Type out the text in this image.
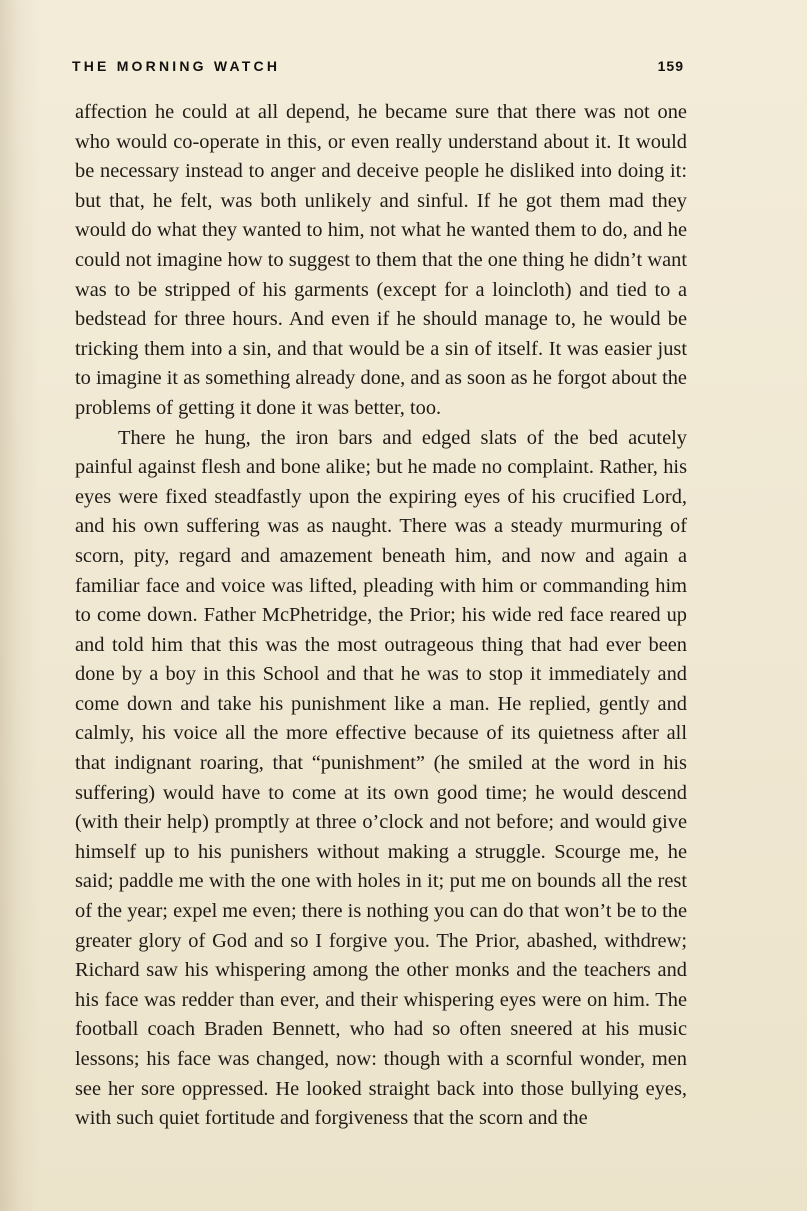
THE MORNING WATCH	159

affection he could at all depend, he became sure that there was not one who would co-operate in this, or even really understand about it. It would be necessary instead to anger and deceive people he disliked into doing it: but that, he felt, was both unlikely and sinful. If he got them mad they would do what they wanted to him, not what he wanted them to do, and he could not imagine how to suggest to them that the one thing he didn’t want was to be stripped of his garments (except for a loincloth) and tied to a bedstead for three hours. And even if he should manage to, he would be tricking them into a sin, and that would be a sin of itself. It was easier just to imagine it as something already done, and as soon as he forgot about the problems of getting it done it was better, too.

There he hung, the iron bars and edged slats of the bed acutely painful against flesh and bone alike; but he made no complaint. Rather, his eyes were fixed steadfastly upon the expiring eyes of his crucified Lord, and his own suffering was as naught. There was a steady murmuring of scorn, pity, regard and amazement beneath him, and now and again a familiar face and voice was lifted, pleading with him or commanding him to come down. Father McPhetridge, the Prior; his wide red face reared up and told him that this was the most outrageous thing that had ever been done by a boy in this School and that he was to stop it immediately and come down and take his punishment like a man. He replied, gently and calmly, his voice all the more effective because of its quietness after all that indignant roaring, that “punishment” (he smiled at the word in his suffering) would have to come at its own good time; he would descend (with their help) promptly at three o’clock and not before; and would give himself up to his punishers without making a struggle. Scourge me, he said; paddle me with the one with holes in it; put me on bounds all the rest of the year; expel me even; there is nothing you can do that won’t be to the greater glory of God and so I forgive you. The Prior, abashed, withdrew; Richard saw his whispering among the other monks and the teachers and his face was redder than ever, and their whispering eyes were on him. The football coach Braden Bennett, who had so often sneered at his music lessons; his face was changed, now: though with a scornful wonder, men see her sore oppressed. He looked straight back into those bullying eyes, with such quiet fortitude and forgiveness that the scorn and the
